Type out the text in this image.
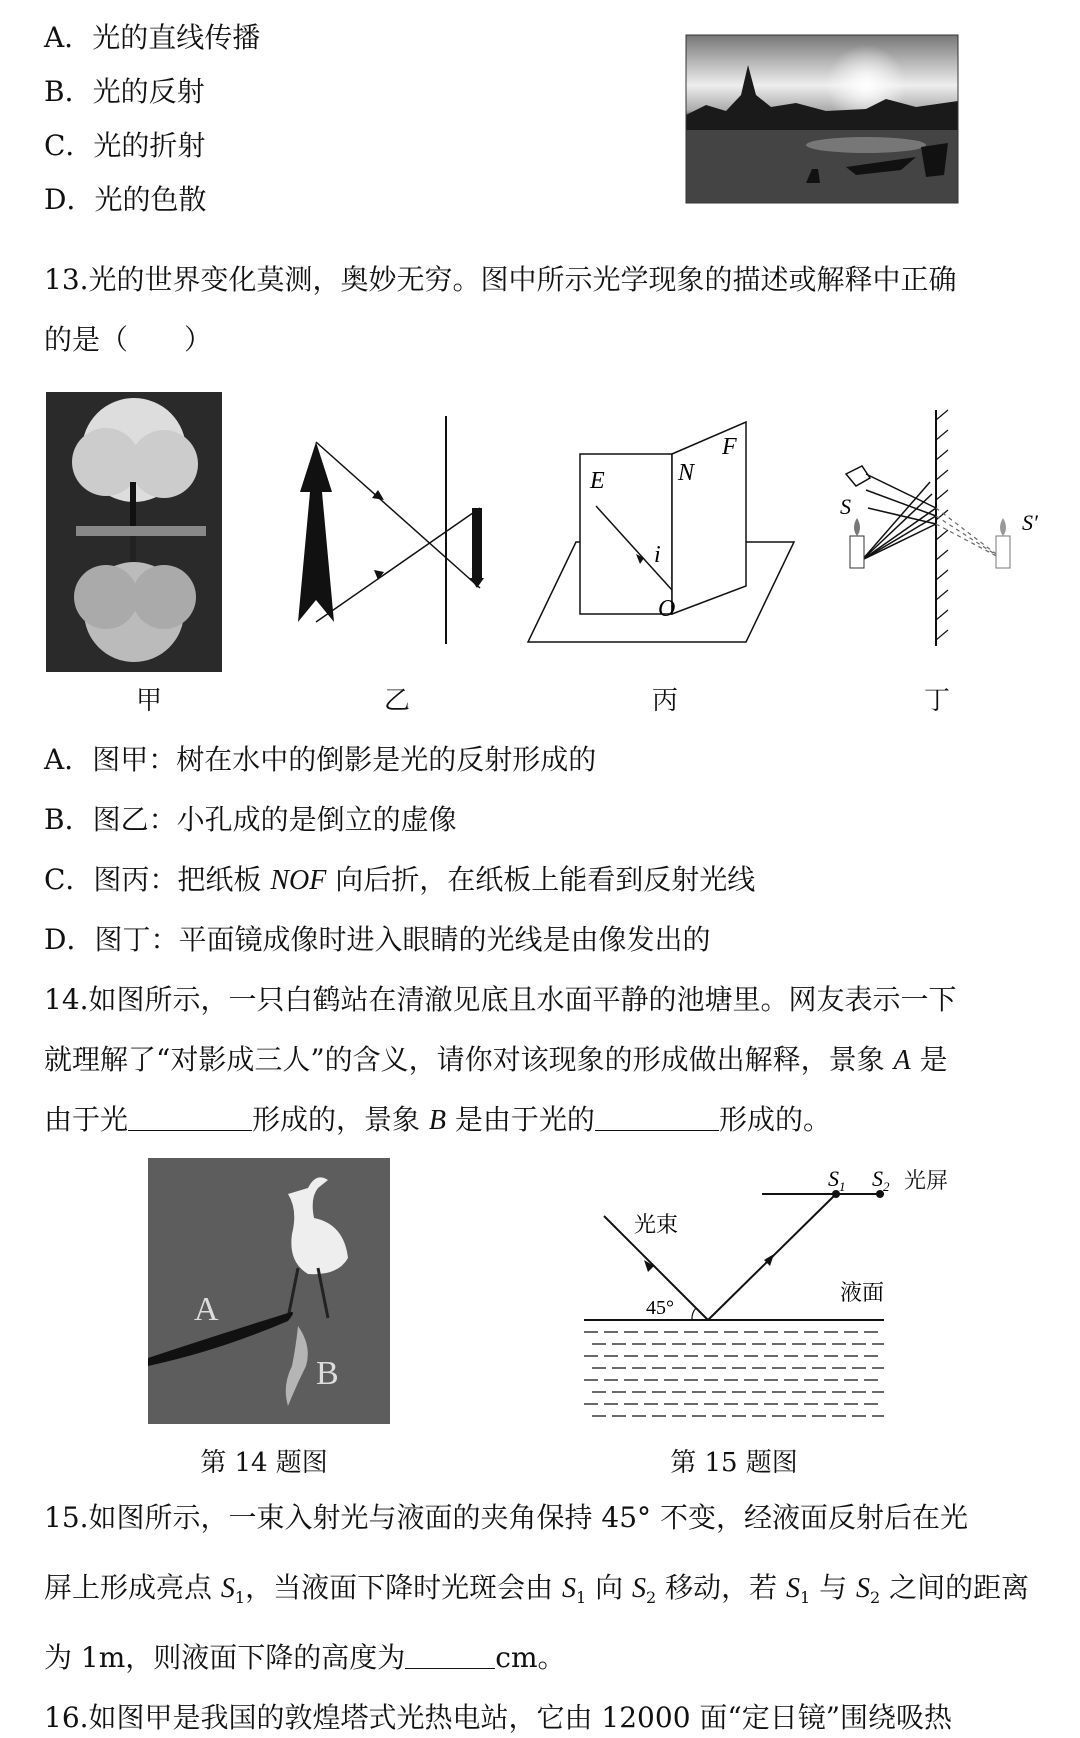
A．光的直线传播
B．光的反射
C．光的折射
D．光的色散
13.光的世界变化莫测，奥妙无穷。图中所示光学现象的描述或解释中正确
的是（　　）
E	N
F
i
O
S
S′
甲	乙	丙	丁
A．图甲：树在水中的倒影是光的反射形成的
B．图乙：小孔成的是倒立的虚像
C．图丙：把纸板 NOF 向后折，在纸板上能看到反射光线
D．图丁：平面镜成像时进入眼睛的光线是由像发出的
14.如图所示，一只白鹤站在清澈见底且水面平静的池塘里。网友表示一下
就理解了“对影成三人”的含义，请你对该现象的形成做出解释，景象 A 是
由于光	形成的，景象 B 是由于光的	形成的。
A
B
$S_1$ $S_2$
光束
45°
液面
光屏
第 14 题图	第 15 题图
15.如图所示，一束入射光与液面的夹角保持 45° 不变，经液面反射后在光
屏上形成亮点 $S_1$，当液面下降时光斑会由 $S_1$ 向 $S_2$ 移动，若 $S_1$ 与 $S_2$ 之间的距离
为 1m，则液面下降的高度为	cm。
16.如图甲是我国的敦煌塔式光热电站，它由 12000 面“定日镜”围绕吸热
